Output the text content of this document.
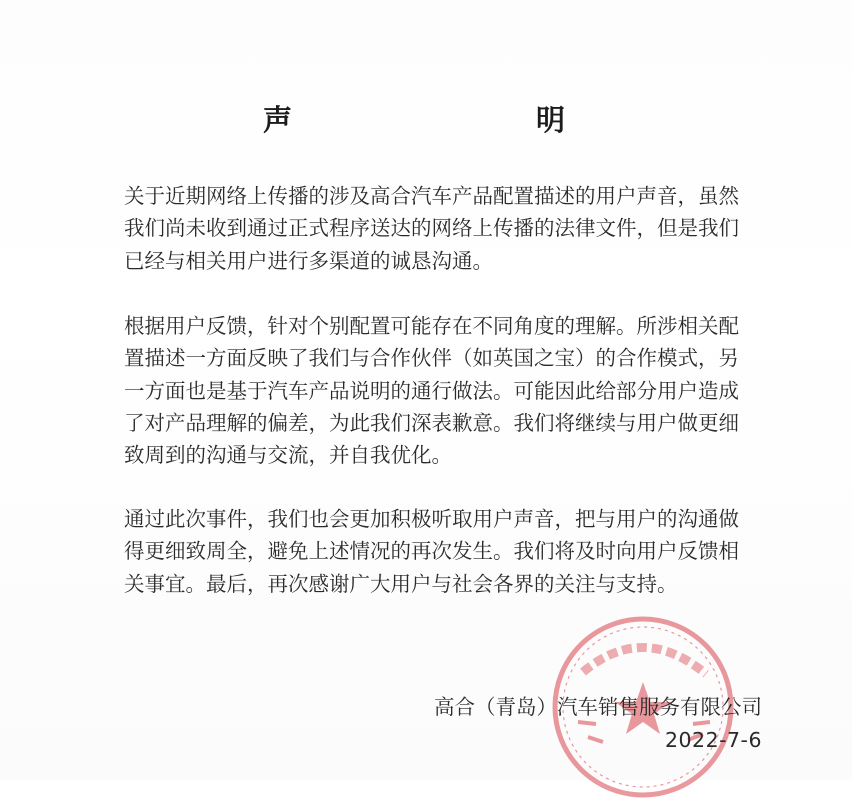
声　　明

关于近期网络上传播的涉及高合汽车产品配置描述的用户声音，虽然
我们尚未收到通过正式程序送达的网络上传播的法律文件，但是我们
已经与相关用户进行多渠道的诚恳沟通。

根据用户反馈，针对个别配置可能存在不同角度的理解。所涉相关配
置描述一方面反映了我们与合作伙伴（如英国之宝）的合作模式，另
一方面也是基于汽车产品说明的通行做法。可能因此给部分用户造成
了对产品理解的偏差，为此我们深表歉意。我们将继续与用户做更细
致周到的沟通与交流，并自我优化。

通过此次事件，我们也会更加积极听取用户声音，把与用户的沟通做
得更细致周全，避免上述情况的再次发生。我们将及时向用户反馈相
关事宜。最后，再次感谢广大用户与社会各界的关注与支持。

高合（青岛）汽车销售服务有限公司
2022-7-6
